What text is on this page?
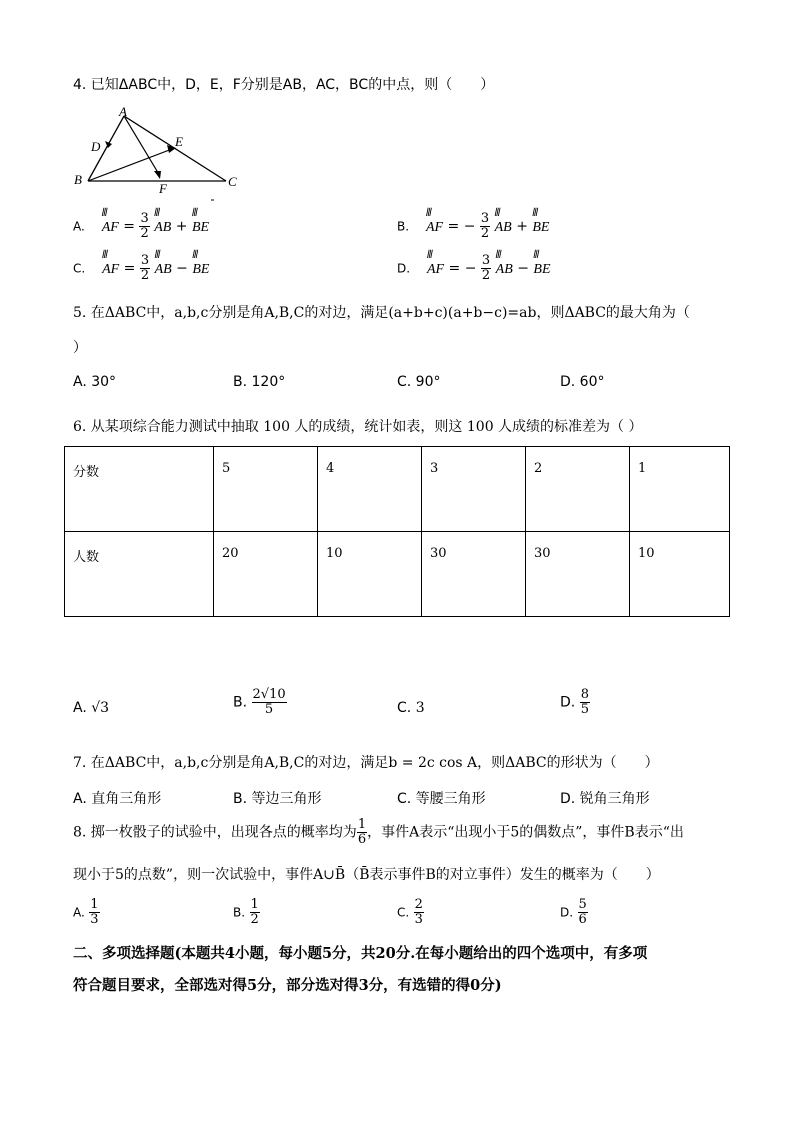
4. 已知ΔABC中，D，E，F分别是AB，AC，BC的中点，则（　　）
A
D	E
B
F	C
A.
ꟾꟾꟾ
AF = $\frac{3}{2}$
ꟾꟾꟾ
AB +
ꟾꟾꟾ
BE	B.
ꟾꟾꟾ
AF = − $\frac{3}{2}$
ꟾꟾꟾ
AB +
ꟾꟾꟾ
BE
C.
ꟾꟾꟾ
AF = $\frac{3}{2}$
ꟾꟾꟾ
AB −
ꟾꟾꟾ
BE	D.
ꟾꟾꟾ
AF = − $\frac{3}{2}$
ꟾꟾꟾ
AB −
ꟾꟾꟾ
BE
5. 在ΔABC中，a,b,c分别是角A,B,C的对边，满足(a+b+c)(a+b−c)=ab，则ΔABC的最大角为（
）
A. 30°	B. 120°	C. 90°	D. 60°
6. 从某项综合能力测试中抽取 100 人的成绩，统计如表，则这 100 人成绩的标准差为（ ）
分数	5	4	3	2	1
人数	20	10	30	30	10
A. √3	B. $\frac{2√10}{5}$	C. 3	D. $\frac{8}{5}$
7. 在ΔABC中，a,b,c分别是角A,B,C的对边，满足b = 2c cos A，则ΔABC的形状为（　　）
A. 直角三角形	B. 等边三角形	C. 等腰三角形	D. 锐角三角形
8. 掷一枚骰子的试验中，出现各点的概率均为 $\frac{1}{6}$ ，事件A表示“出现小于5的偶数点”，事件B表示“出
现小于5的点数”，则一次试验中，事件A∪B̄（B̄表示事件B的对立事件）发生的概率为（　　）
A. $\frac{1}{3}$	B. $\frac{1}{2}$	C. $\frac{2}{3}$	D. $\frac{5}{6}$
二、多项选择题(本题共4小题，每小题5分，共20分.在每小题给出的四个选项中，有多项
符合题目要求，全部选对得5分，部分选对得3分，有选错的得0分)
